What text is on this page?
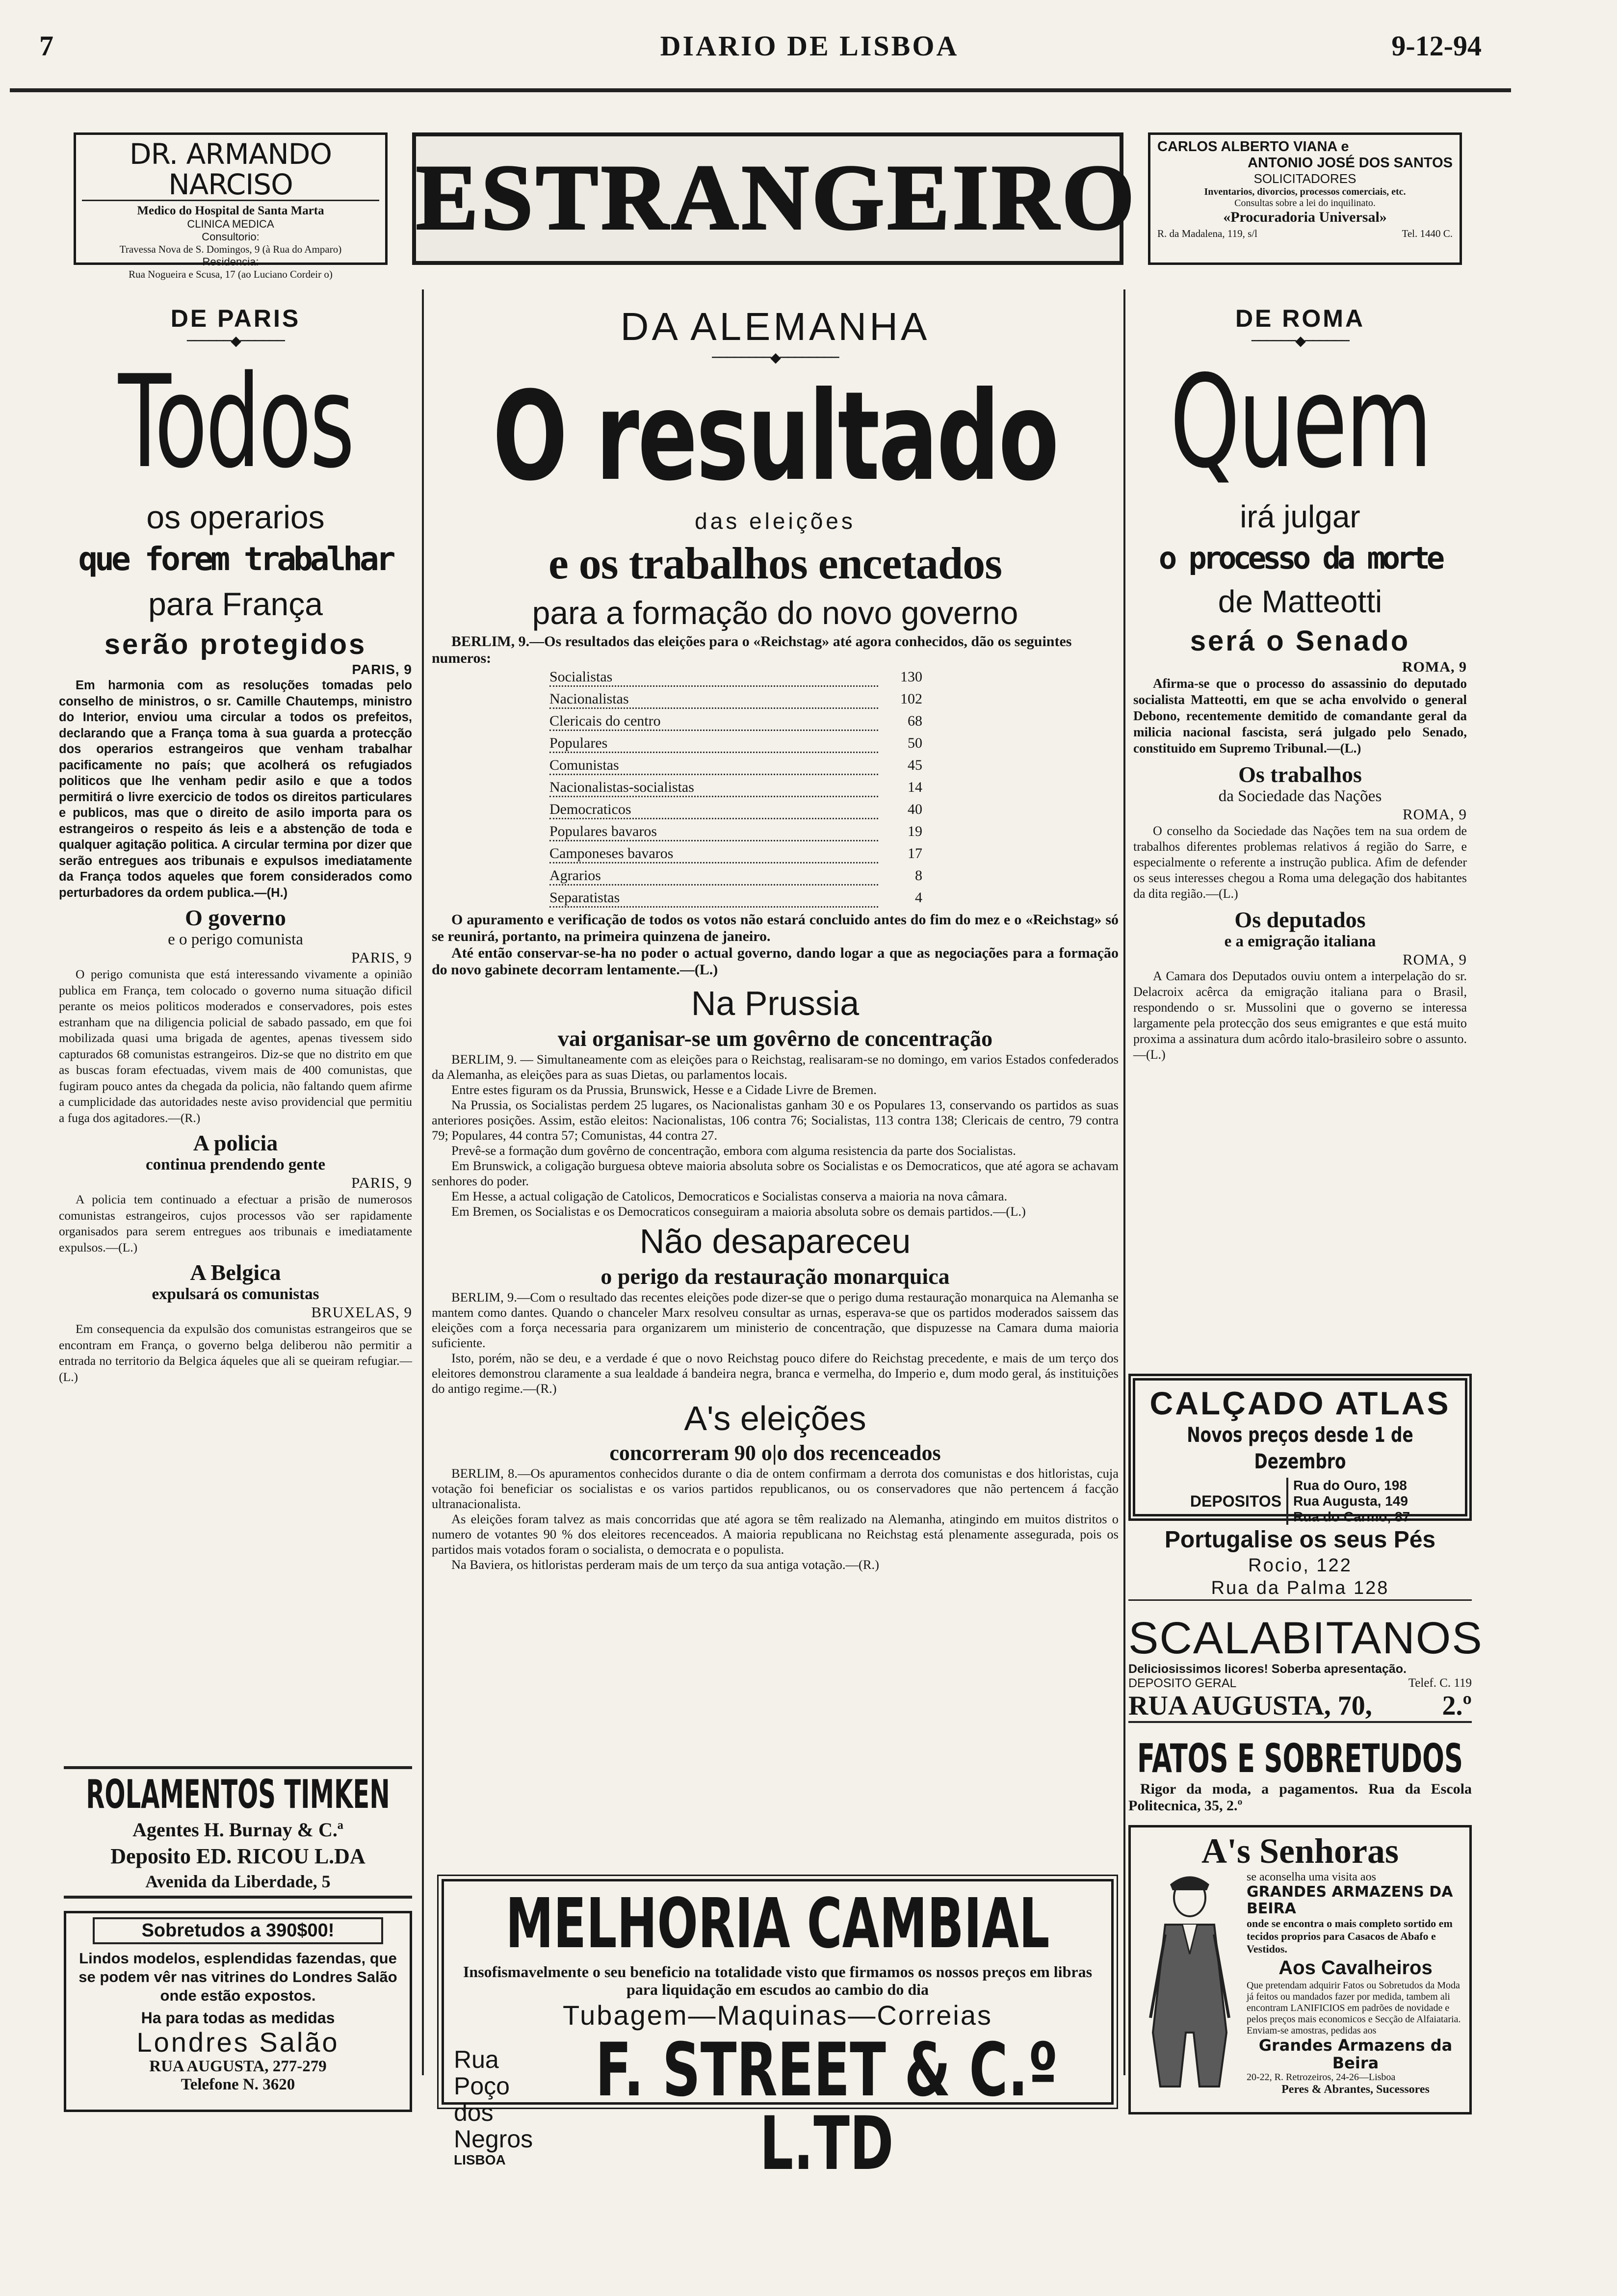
7	DIARIO DE LISBOA	9-12-94
DR. ARMANDO NARCISO
Medico do Hospital de Santa Marta
CLINICA MEDICA
Consultorio:
Travessa Nova de S. Domingos, 9 (à Rua do Amparo)
Residencia:
Rua Nogueira e Scusa, 17 (ao Luciano Cordeir o)
ESTRANGEIRO CARLOS ALBERTO VIANA e
ANTONIO JOSÉ DOS SANTOS
SOLICITADORES
Inventarios, divorcios, processos comerciais, etc.
Consultas sobre a lei do inquilinato.
«Procuradoria Universal»
R. da Madalena, 119, s/l	Tel. 1440 C.
DE PARIS
──────◆──────
Todos
os operarios
que forem trabalhar
para França
serão protegidos
PARIS, 9

Em harmonia com as resoluções tomadas pelo conselho de ministros, o sr. Camille Chautemps, ministro do Interior, enviou uma circular a todos os prefeitos, declarando que a França toma à sua guarda a protecção dos operarios estrangeiros que venham trabalhar pacificamente no país; que acolherá os refugiados politicos que lhe venham pedir asilo e que a todos permitirá o livre exercicio de todos os direitos particulares e publicos, mas que o direito de asilo importa para os estrangeiros o respeito ás leis e a abstenção de toda e qualquer agitação politica. A circular termina por dizer que serão entregues aos tribunais e expulsos imediatamente da França todos aqueles que forem considerados como perturbadores da ordem publica.—(H.)

O governo
e o perigo comunista
PARIS, 9

O perigo comunista que está interessando vivamente a opinião publica em França, tem colocado o governo numa situação dificil perante os meios politicos moderados e conservadores, pois estes estranham que na diligencia policial de sabado passado, em que foi mobilizada quasi uma brigada de agentes, apenas tivessem sido capturados 68 comunistas estrangeiros. Diz-se que no distrito em que as buscas foram efectuadas, vivem mais de 400 comunistas, que fugiram pouco antes da chegada da policia, não faltando quem afirme a cumplicidade das autoridades neste aviso providencial que permitiu a fuga dos agitadores.—(R.)

A policia
continua prendendo gente
PARIS, 9

A policia tem continuado a efectuar a prisão de numerosos comunistas estrangeiros, cujos processos vão ser rapidamente organisados para serem entregues aos tribunais e imediatamente expulsos.—(L.)

A Belgica
expulsará os comunistas
BRUXELAS, 9

Em consequencia da expulsão dos comunistas estrangeiros que se encontram em França, o governo belga deliberou não permitir a entrada no territorio da Belgica áqueles que ali se queiram refugiar.—(L.)

ROLAMENTOS TIMKEN
Agentes H. Burnay & C.ª
Deposito ED. RICOU L.DA
Avenida da Liberdade, 5
Sobretudos a 390$00!
Lindos modelos, esplendidas fazendas, que se podem vêr nas vitrines do Londres Salão onde estão expostos.
Ha para todas as medidas
Londres Salão
RUA AUGUSTA, 277-279
Telefone N. 3620
DA ALEMANHA
────────◆────────
O resultado
das eleições
e os trabalhos encetados
para a formação do novo governo
BERLIM, 9.—Os resultados das eleições para o «Reichstag» até agora conhecidos, dão os seguintes numeros:
Socialistas	130
Nacionalistas	102
Clericais do centro	68
Populares	50
Comunistas	45
Nacionalistas-socialistas	14
Democraticos	40
Populares bavaros	19
Camponeses bavaros	17
Agrarios	8
Separatistas	4
O apuramento e verificação de todos os votos não estará concluido antes do fim do mez e o «Reichstag» só se reunirá, portanto, na primeira quinzena de janeiro.
Até então conservar-se-ha no poder o actual governo, dando logar a que as negociações para a formação do novo gabinete decorram lentamente.—(L.)
Na Prussia
vai organisar-se um govêrno de concentração

BERLIM, 9. — Simultaneamente com as eleições para o Reichstag, realisaram-se no domingo, em varios Estados confederados da Alemanha, as eleições para as suas Dietas, ou parlamentos locais.

Entre estes figuram os da Prussia, Brunswick, Hesse e a Cidade Livre de Bremen.

Na Prussia, os Socialistas perdem 25 lugares, os Nacionalistas ganham 30 e os Populares 13, conservando os partidos as suas anteriores posições. Assim, estão eleitos: Nacionalistas, 106 contra 76; Socialistas, 113 contra 138; Clericais de centro, 79 contra 79; Populares, 44 contra 57; Comunistas, 44 contra 27.

Prevê-se a formação dum govêrno de concentração, embora com alguma resistencia da parte dos Socialistas.

Em Brunswick, a coligação burguesa obteve maioria absoluta sobre os Socialistas e os Democraticos, que até agora se achavam senhores do poder.

Em Hesse, a actual coligação de Catolicos, Democraticos e Socialistas conserva a maioria na nova câmara.

Em Bremen, os Socialistas e os Democraticos conseguiram a maioria absoluta sobre os demais partidos.—(L.)

Não desapareceu
o perigo da restauração monarquica

BERLIM, 9.—Com o resultado das recentes eleições pode dizer-se que o perigo duma restauração monarquica na Alemanha se mantem como dantes. Quando o chanceler Marx resolveu consultar as urnas, esperava-se que os partidos moderados saissem das eleições com a força necessaria para organizarem um ministerio de concentração, que dispuzesse na Camara duma maioria suficiente.

Isto, porém, não se deu, e a verdade é que o novo Reichstag pouco difere do Reichstag precedente, e mais de um terço dos eleitores demonstrou claramente a sua lealdade á bandeira negra, branca e vermelha, do Imperio e, dum modo geral, ás instituições do antigo regime.—(R.)

A's eleições
concorreram 90 o|o dos recenceados

BERLIM, 8.—Os apuramentos conhecidos durante o dia de ontem confirmam a derrota dos comunistas e dos hitloristas, cuja votação foi beneficiar os socialistas e os varios partidos republicanos, ou os conservadores que não pertencem á facção ultranacionalista.

As eleições foram talvez as mais concorridas que até agora se têm realizado na Alemanha, atingindo em muitos distritos o numero de votantes 90 % dos eleitores recenceados. A maioria republicana no Reichstag está plenamente assegurada, pois os partidos mais votados foram o socialista, o democrata e o populista.

Na Baviera, os hitloristas perderam mais de um terço da sua antiga votação.—(R.)

MELHORIA CAMBIAL
Insofismavelmente o seu beneficio na totalidade visto que firmamos os nossos preços em libras para liquidação em escudos ao cambio do dia
Tubagem—Maquinas—Correias
Rua Poço
dos Negros
LISBOA
F. STREET & C.º L.TD
DE ROMA
──────◆──────
Quem
irá julgar
o processo da morte
de Matteotti
será o Senado
ROMA, 9
Afirma-se que o processo do assassinio do deputado socialista Matteotti, em que se acha envolvido o general Debono, recentemente demitido de comandante geral da milicia nacional fascista, será julgado pelo Senado, constituido em Supremo Tribunal.—(L.)
Os trabalhos
da Sociedade das Nações
ROMA, 9
O conselho da Sociedade das Nações tem na sua ordem de trabalhos diferentes problemas relativos á região do Sarre, e especialmente o referente a instrução publica. Afim de defender os seus interesses chegou a Roma uma delegação dos habitantes da dita região.—(L.)
Os deputados
e a emigração italiana
ROMA, 9
A Camara dos Deputados ouviu ontem a interpelação do sr. Delacroix acêrca da emigração italiana para o Brasil, respondendo o sr. Mussolini que o governo se interessa largamente pela protecção dos seus emigrantes e que está muito proxima a assinatura dum acôrdo italo-brasileiro sobre o assunto.—(L.)
CALÇADO ATLAS
Novos preços desde 1 de Dezembro
DEPOSITOS
Rua do Ouro, 198
Rua Augusta, 149
Rua do Carmo, 87
Portugalise os seus Pés
Rocio, 122
Rua da Palma 128
SCALABITANOS
Deliciosissimos licores! Soberba apresentação.
DEPOSITO GERAL	Telef. C. 119
RUA AUGUSTA, 70,	2.º
FATOS E SOBRETUDOS
Rigor da moda, a pagamentos. Rua da Escola Politecnica, 35, 2.º
A's Senhoras
se aconselha uma visita aos
GRANDES ARMAZENS DA BEIRA
onde se encontra o mais completo sortido em tecidos proprios para Casacos de Abafo e Vestidos.
Aos Cavalheiros
Que pretendam adquirir Fatos ou Sobretudos da Moda já feitos ou mandados fazer por medida, tambem ali encontram LANIFICIOS em padrões de novidade e pelos preços mais economicos e Secção de Alfaiataria.
Enviam-se amostras, pedidas aos
Grandes Armazens da Beira
20-22, R. Retrozeiros, 24-26—Lisboa
Peres & Abrantes, Sucessores
